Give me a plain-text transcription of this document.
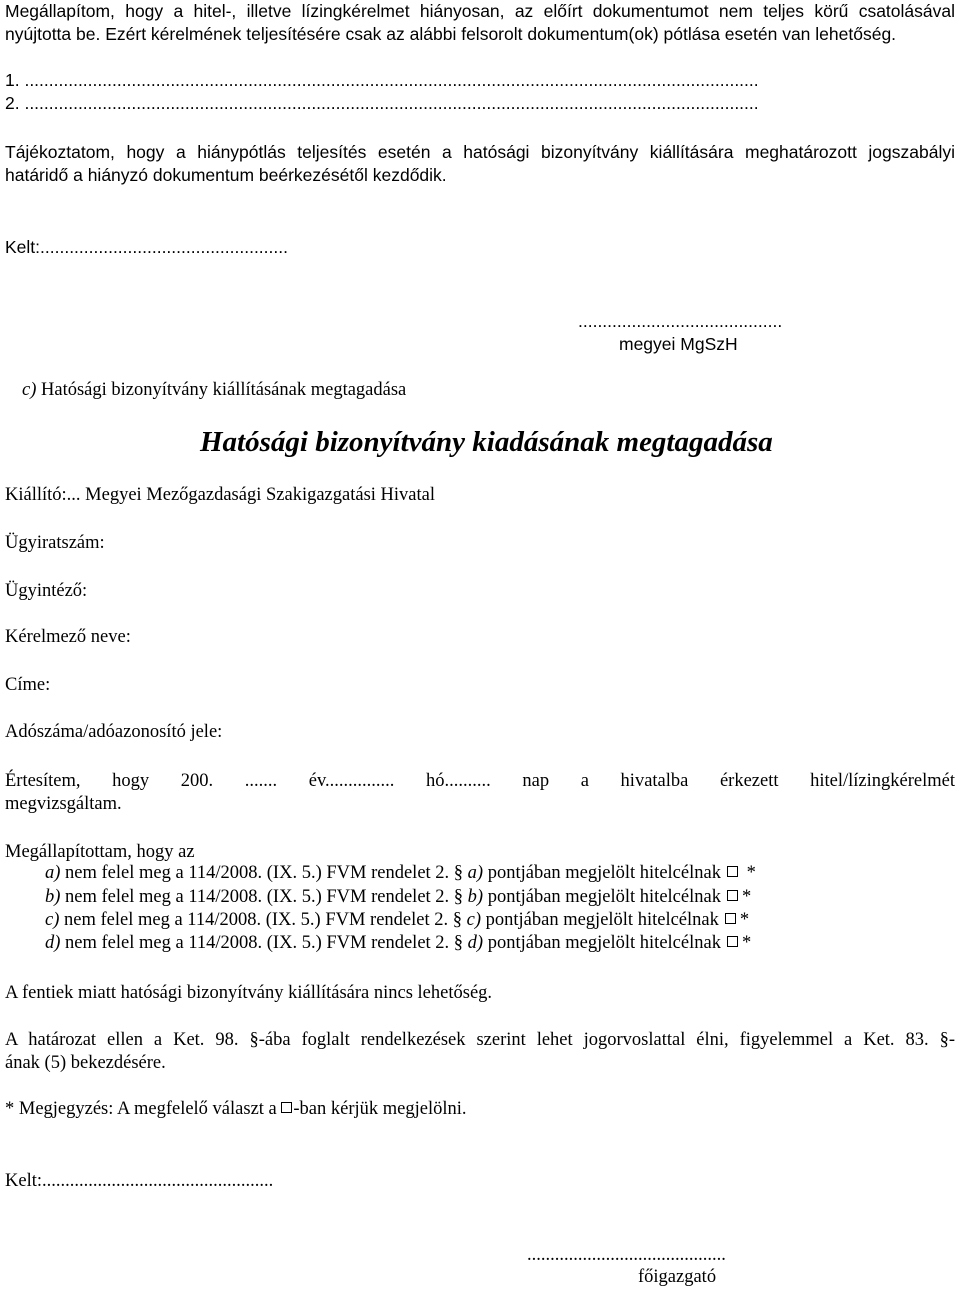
Megállapítom, hogy a hitel-, illetve lízingkérelmet hiányosan, az előírt dokumentumot nem teljes körű csatolásával
nyújtotta be. Ezért kérelmének teljesítésére csak az alábbi felsorolt dokumentum(ok) pótlása esetén van lehetőség.
1. .......................................................................................................................................................
2. .......................................................................................................................................................
Tájékoztatom, hogy a hiánypótlás teljesítés esetén a hatósági bizonyítvány kiállítására meghatározott jogszabályi
határidő a hiányzó dokumentum beérkezésétől kezdődik.
Kelt:...................................................
..........................................
megyei MgSzH
c) Hatósági bizonyítvány kiállításának megtagadása
Hatósági bizonyítvány kiadásának megtagadása
Kiállító:... Megyei Mezőgazdasági Szakigazgatási Hivatal
Ügyiratszám:
Ügyintéző:
Kérelmező neve:
Címe:
Adószáma/adóazonosító jele:
Értesítem, hogy 200. ....... év............... hó.......... nap a hivatalba érkezett hitel/lízingkérelmét
megvizsgáltam.
Megállapítottam, hogy az
a) nem felel meg a 114/2008. (IX. 5.) FVM rendelet 2. § a) pontjában megjelölt hitelcélnak *
b) nem felel meg a 114/2008. (IX. 5.) FVM rendelet 2. § b) pontjában megjelölt hitelcélnak *
c) nem felel meg a 114/2008. (IX. 5.) FVM rendelet 2. § c) pontjában megjelölt hitelcélnak *
d) nem felel meg a 114/2008. (IX. 5.) FVM rendelet 2. § d) pontjában megjelölt hitelcélnak *
A fentiek miatt hatósági bizonyítvány kiállítására nincs lehetőség.
A határozat ellen a Ket. 98. §-ába foglalt rendelkezések szerint lehet jogorvoslattal élni, figyelemmel a Ket. 83. §-
ának (5) bekezdésére.
* Megjegyzés: A megfelelő választ a -ban kérjük megjelölni.
Kelt:..................................................
...........................................
főigazgató
